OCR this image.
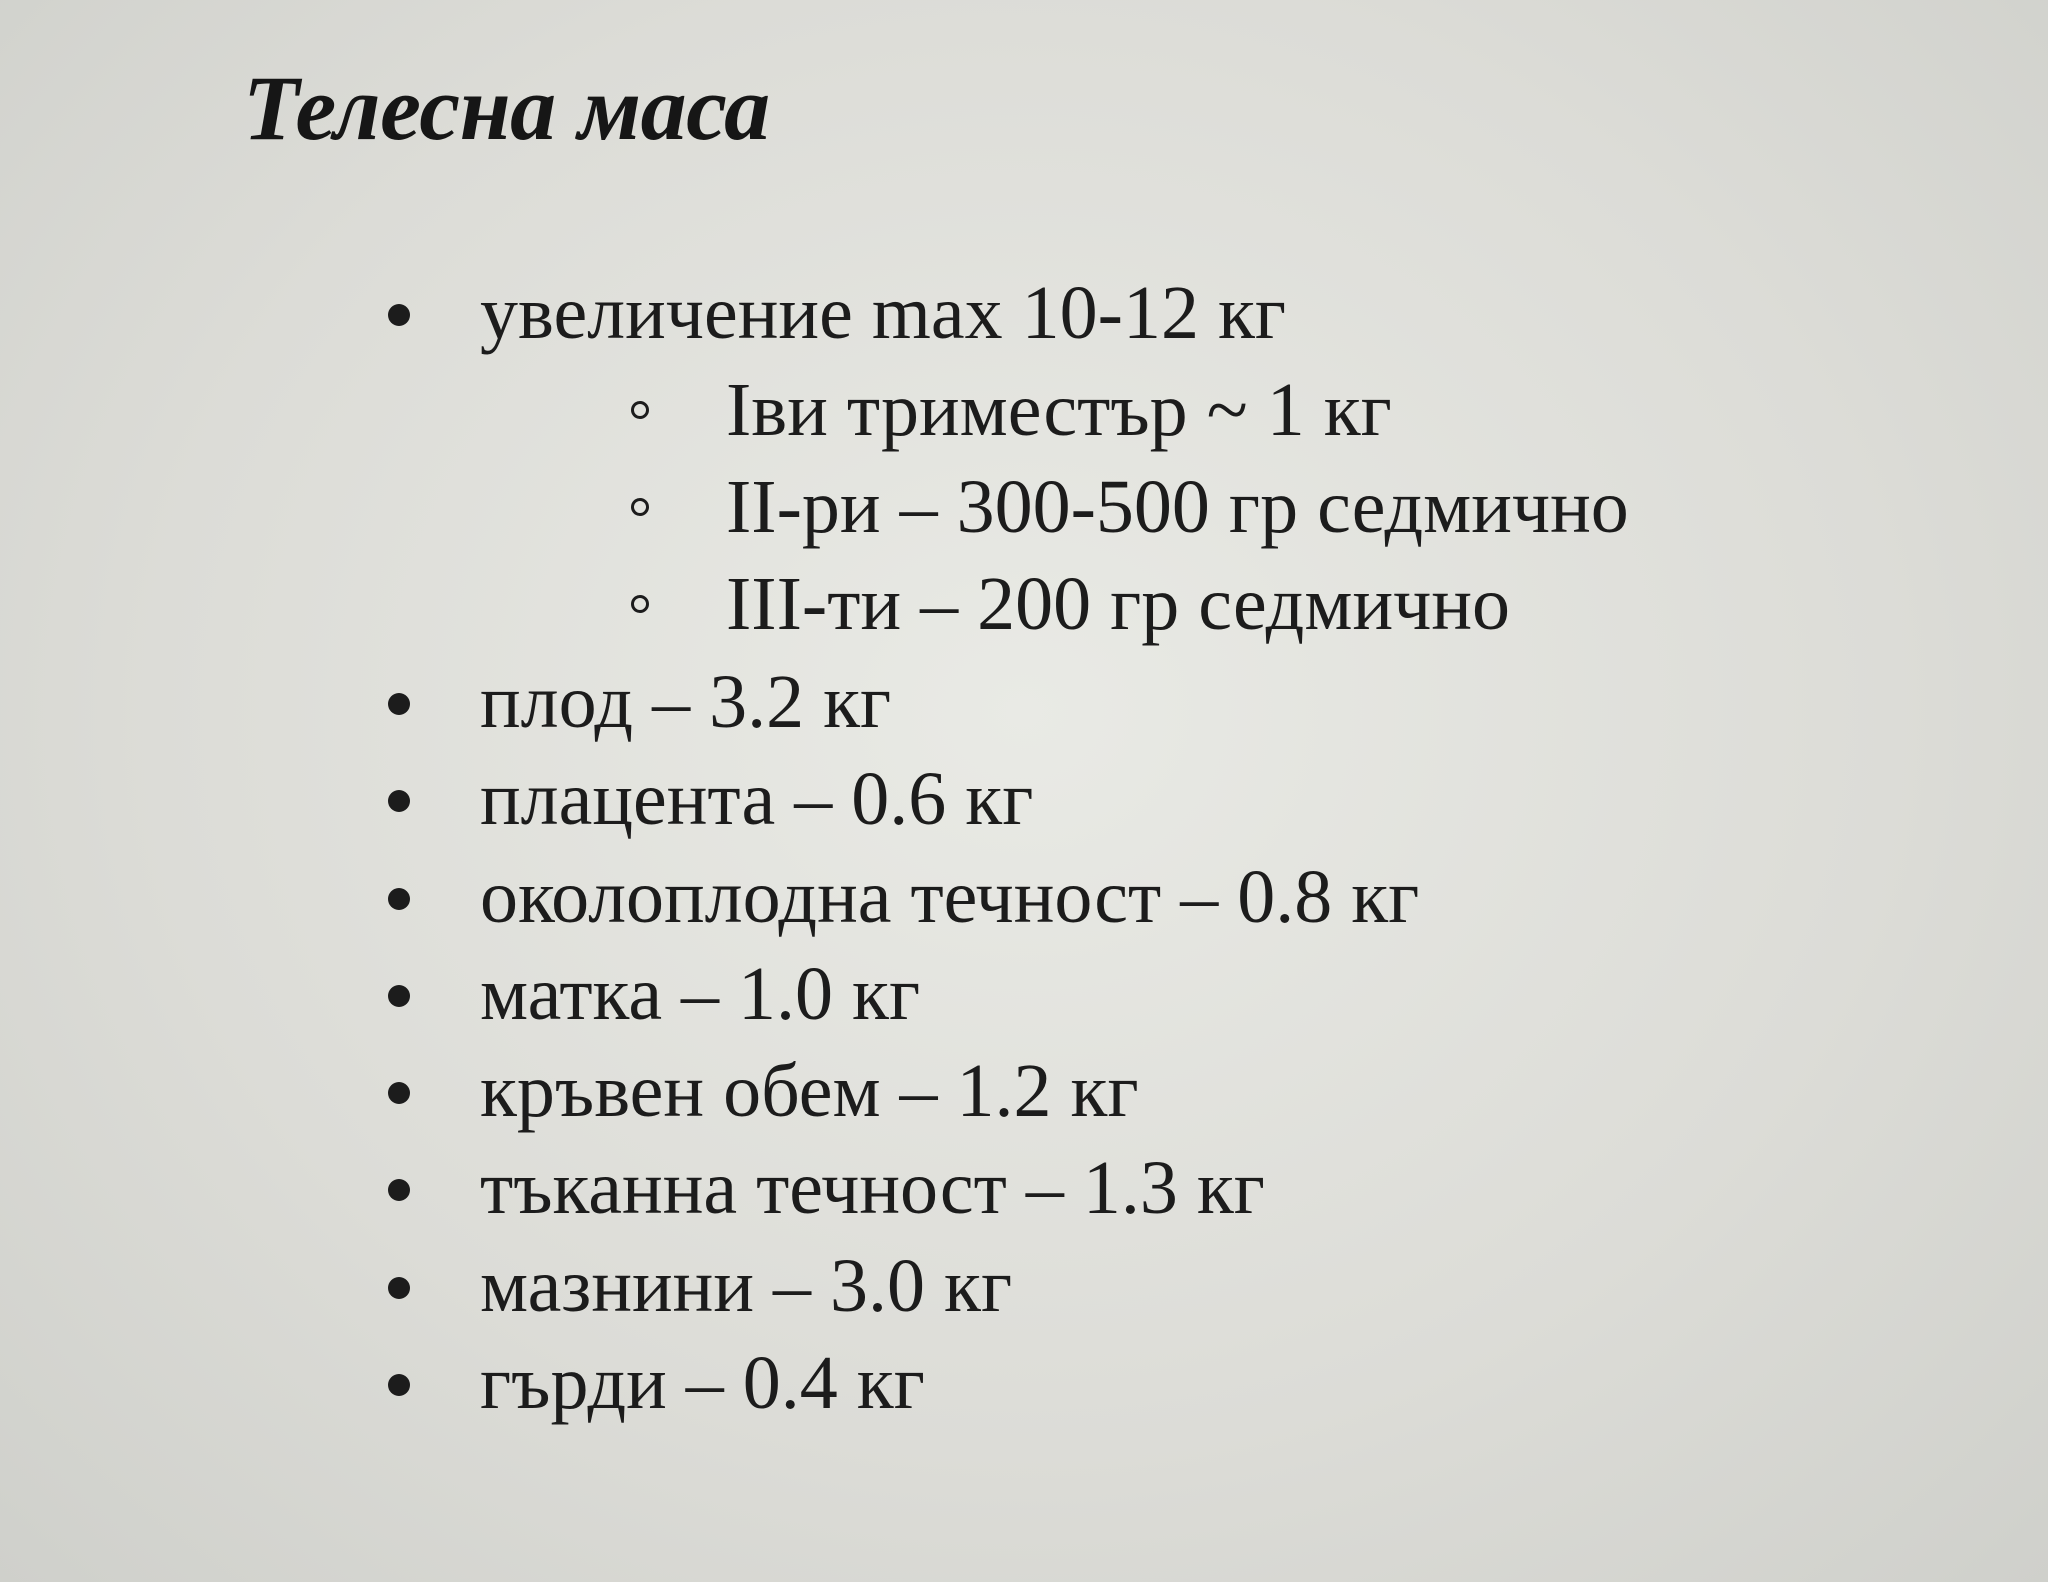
Телесна маса
увеличение max 10-12 кг
Іви триместър ~ 1 кг
ІІ-ри – 300-500 гр седмично
ІІІ-ти – 200 гр седмично
плод – 3.2 кг
плацента – 0.6 кг
околоплодна течност – 0.8 кг
матка – 1.0 кг
кръвен обем – 1.2 кг
тъканна течност – 1.3 кг
мазнини – 3.0 кг
гърди – 0.4 кг
